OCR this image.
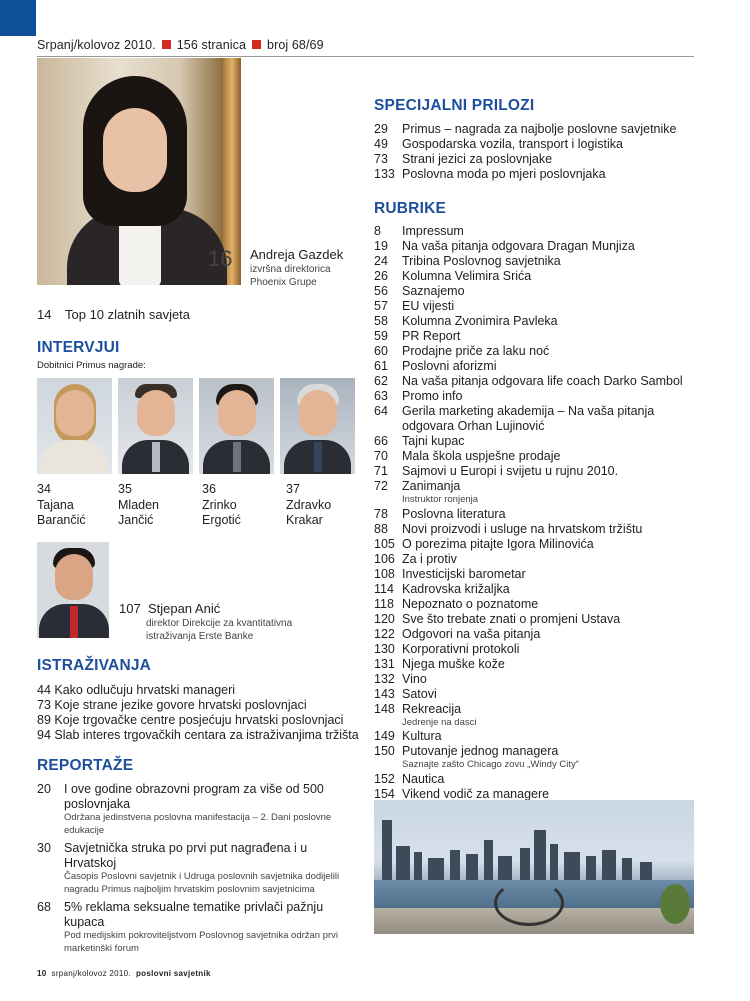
Srpanj/kolovoz 2010. 156 stranica broj 68/69
16 Andreja Gazdek
izvršna direktorica
Phoenix Grupe
14 Top 10 zlatnih savjeta
INTERVJUI
Dobitnici Primus nagrade:
34
Tajana
Barančić
35
Mladen
Jančić
36
Zrinko
Ergotić
37
Zdravko
Krakar
107 Stjepan Anić
direktor Direkcije za kvantitativna
istraživanja Erste Banke
ISTRAŽIVANJA
44 Kako odlučuju hrvatski manageri
73 Koje strane jezike govore hrvatski poslovnjaci
89 Koje trgovačke centre posjećuju hrvatski poslovnjaci
94 Slab interes trgovačkih centara za istraživanjima tržišta
REPORTAŽE
20 I ove godine obrazovni program za više od 500
poslovnjaka
Održana jedinstvena poslovna manifestacija – 2. Dani poslovne
edukacije
30 Savjetnička struka po prvi put nagrađena i u
Hrvatskoj
Časopis Poslovni savjetnik i Udruga poslovnih savjetnika dodijelili
nagradu Primus najboljim hrvatskim poslovnim savjetnicima
68 5% reklama seksualne tematike privlači pažnju
kupaca
Pod medijskim pokroviteljstvom Poslovnog savjetnika održan prvi
marketinški forum
SPECIJALNI PRILOZI
29 Primus – nagrada za najbolje poslovne savjetnike
49 Gospodarska vozila, transport i logistika
73 Strani jezici za poslovnjake
133 Poslovna moda po mjeri poslovnjaka
RUBRIKE
8 Impressum
19 Na vaša pitanja odgovara Dragan Munjiza
24 Tribina Poslovnog savjetnika
26 Kolumna Velimira Srića
56 Saznajemo
57 EU vijesti
58 Kolumna Zvonimira Pavleka
59 PR Report
60 Prodajne priče za laku noć
61 Poslovni aforizmi
62 Na vaša pitanja odgovara life coach Darko Sambol
63 Promo info
64 Gerila marketing akademija – Na vaša pitanja
odgovara Orhan Lujinović
66 Tajni kupac
70 Mala škola uspješne prodaje
71 Sajmovi u Europi i svijetu u rujnu 2010.
72 Zanimanja
Instruktor ronjenja
78 Poslovna literatura
88 Novi proizvodi i usluge na hrvatskom tržištu
105 O porezima pitajte Igora Milinovića
106 Za i protiv
108 Investicijski barometar
114 Kadrovska križaljka
118 Nepoznato o poznatome
120 Sve što trebate znati o promjeni Ustava
122 Odgovori na vaša pitanja
130 Korporativni protokoli
131 Njega muške kože
132 Vino
143 Satovi
148 Rekreacija
Jedrenje na dasci
149 Kultura
150 Putovanje jednog managera
Saznajte zašto Chicago zovu „Windy City“
152 Nautica
154 Vikend vodič za managere
10 srpanj/kolovoz 2010. poslovni savjetnik
